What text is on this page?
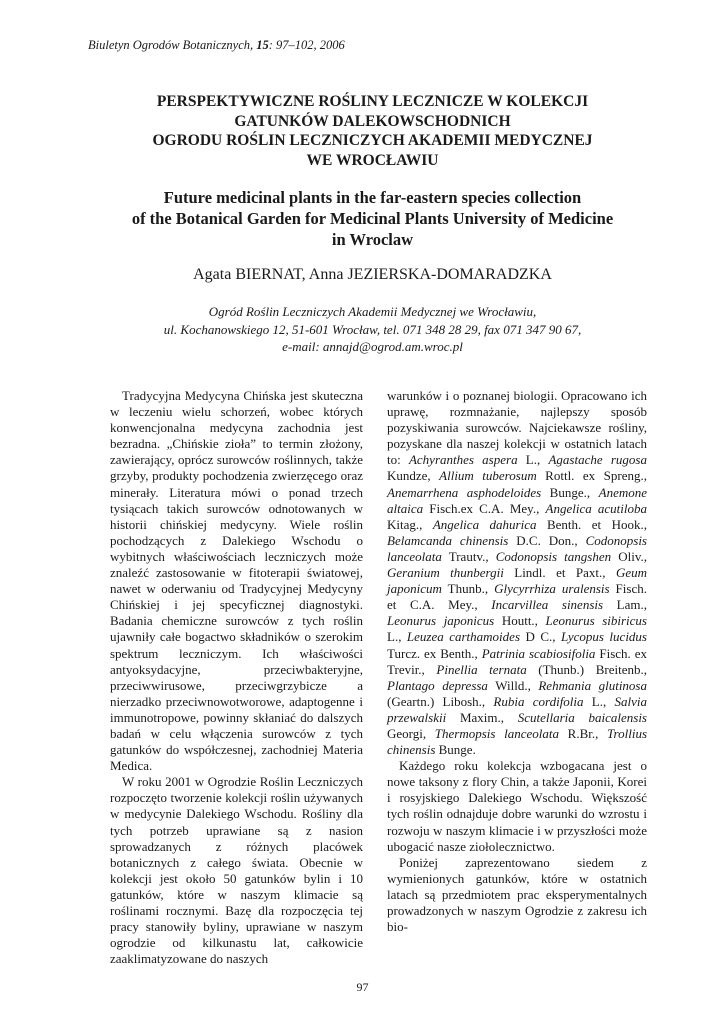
Biuletyn Ogrodów Botanicznych, 15: 97–102, 2006
PERSPEKTYWICZNE ROŚLINY LECZNICZE W KOLEKCJI
GATUNKÓW DALEKOWSCHODNICH
OGRODU ROŚLIN LECZNICZYCH AKADEMII MEDYCZNEJ
WE WROCŁAWIU
Future medicinal plants in the far-eastern species collection
of the Botanical Garden for Medicinal Plants University of Medicine
in Wroclaw
Agata BIERNAT, Anna JEZIERSKA-DOMARADZKA
Ogród Roślin Leczniczych Akademii Medycznej we Wrocławiu,
ul. Kochanowskiego 12, 51-601 Wrocław, tel. 071 348 28 29, fax 071 347 90 67,
e-mail: annajd@ogrod.am.wroc.pl

Tradycyjna Medycyna Chińska jest skuteczna w leczeniu wielu schorzeń, wobec których konwencjonalna medycyna zachodnia jest bezradna. „Chińskie zioła” to termin złożony, zawierający, oprócz surowców roślinnych, także grzyby, produkty pochodzenia zwierzęcego oraz minerały. Literatura mówi o ponad trzech tysiącach takich surowców odnotowanych w historii chińskiej medycyny. Wiele roślin pochodzących z Dalekiego Wschodu o wybitnych właściwościach leczniczych może znaleźć zastosowanie w fitoterapii światowej, nawet w oderwaniu od Tradycyjnej Medycyny Chińskiej i jej specyficznej diagnostyki. Badania chemiczne surowców z tych roślin ujawniły całe bogactwo składników o szerokim spektrum leczniczym. Ich właściwości antyoksydacyjne, przeciwbakteryjne, przeciwwirusowe, przeciwgrzybicze a nierzadko przeciwnowotworowe, adaptogenne i immunotropowe, powinny skłaniać do dalszych badań w celu włączenia surowców z tych gatunków do współczesnej, zachodniej Materia Medica.

W roku 2001 w Ogrodzie Roślin Leczniczych rozpoczęto tworzenie kolekcji roślin używanych w medycynie Dalekiego Wschodu. Rośliny dla tych potrzeb uprawiane są z nasion sprowadzanych z różnych placówek botanicznych z całego świata. Obecnie w kolekcji jest około 50 gatunków bylin i 10 gatunków, które w naszym klimacie są roślinami rocznymi. Bazę dla rozpoczęcia tej pracy stanowiły byliny, uprawiane w naszym ogrodzie od kilkunastu lat, całkowicie zaaklimatyzowane do naszych

warunków i o poznanej biologii. Opracowano ich uprawę, rozmnażanie, najlepszy sposób pozyskiwania surowców. Najciekawsze rośliny, pozyskane dla naszej kolekcji w ostatnich latach to: Achyranthes aspera L., Agastache rugosa Kundze, Allium tuberosum Rottl. ex Spreng., Anemarrhena asphodeloides Bunge., Anemone altaica Fisch.ex C.A. Mey., Angelica acutiloba Kitag., Angelica dahurica Benth. et Hook., Belamcanda chinensis D.C. Don., Codonopsis lanceolata Trautv., Codonopsis tangshen Oliv., Geranium thunbergii Lindl. et Paxt., Geum japonicum Thunb., Glycyrrhiza uralensis Fisch. et C.A. Mey., Incarvillea sinensis Lam., Leonurus japonicus Houtt., Leonurus sibiricus L., Leuzea carthamoides D C., Lycopus lucidus Turcz. ex Benth., Patrinia scabiosifolia Fisch. ex Trevir., Pinellia ternata (Thunb.) Breitenb., Plantago depressa Willd., Rehmania glutinosa (Geartn.) Libosh., Rubia cordifolia L., Salvia przewalskii Maxim., Scutellaria baicalensis Georgi, Thermopsis lanceolata R.Br., Trollius chinensis Bunge.

Każdego roku kolekcja wzbogacana jest o nowe taksony z flory Chin, a także Japonii, Korei i rosyjskiego Dalekiego Wschodu. Większość tych roślin odnajduje dobre warunki do wzrostu i rozwoju w naszym klimacie i w przyszłości może ubogacić nasze ziołolecznictwo.

Poniżej zaprezentowano siedem z wymienionych gatunków, które w ostatnich latach są przedmiotem prac eksperymentalnych prowadzonych w naszym Ogrodzie z zakresu ich bio-

97
